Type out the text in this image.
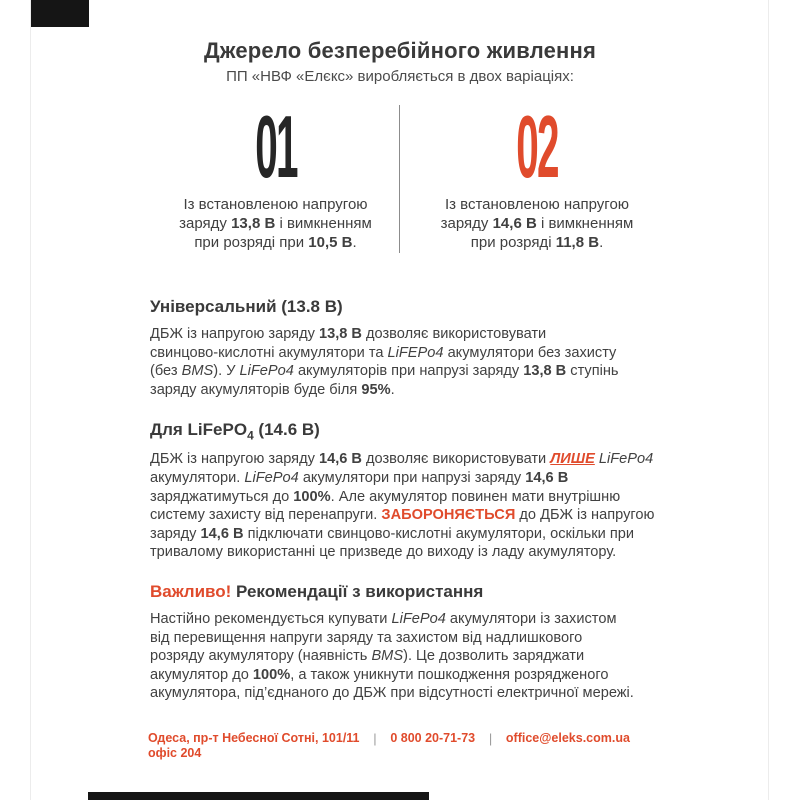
Джерело безперебійного живлення

ПП «НВФ «Елєкс» виробляється в двох варіаціях:

01

Із встановленою напругою
заряду 13,8 В і вимкненням
при розряді при 10,5 В.

02

Із встановленою напругою
заряду 14,6 В і вимкненням
при розряді 11,8 В.

Універсальний (13.8 В)

ДБЖ із напругою заряду 13,8 В дозволяє використовувати
свинцово-кислотні акумулятори та LiFEPo4 акумулятори без захисту
(без BMS). У LiFePo4 акумуляторів при напрузі заряду 13,8 В ступінь
заряду акумуляторів буде біля 95%.

Для LiFePO$_4$ (14.6 В)

ДБЖ із напругою заряду 14,6 В дозволяє використовувати ЛИШЕ LiFePo4
акумулятори. LiFePo4 акумулятори при напрузі заряду 14,6 В
заряджатимуться до 100%. Але акумулятор повинен мати внутрішню
систему захисту від перенапруги. ЗАБОРОНЯЄТЬСЯ до ДБЖ із напругою
заряду 14,6 В підключати свинцово-кислотні акумулятори, оскільки при
тривалому використанні це призведе до виходу із ладу акумулятору.

Важливо! Рекомендації з використання

Настійно рекомендується купувати LiFePo4 акумулятори із захистом
від перевищення напруги заряду та захистом від надлишкового
розряду акумулятору (наявність BMS). Це дозволить заряджати
акумулятор до 100%, а також уникнути пошкодження розрядженого
акумулятора, під’єднаного до ДБЖ при відсутності електричної мережі.

Одеса, пр-т Небесної Сотні, 101/11
офіс 204
| 0 800 20-71-73 | office@eleks.com.ua
